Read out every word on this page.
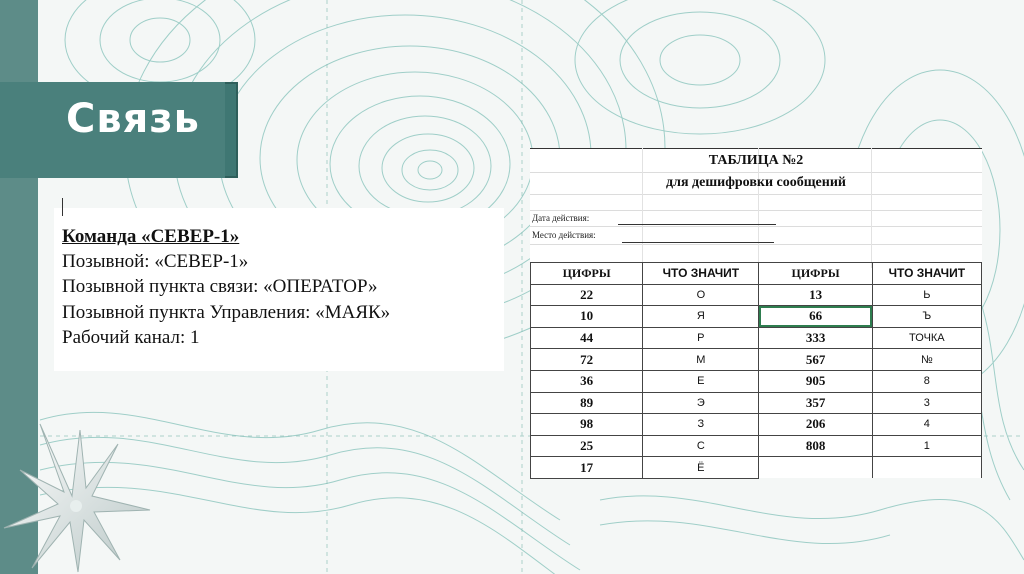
Связь
Команда «СЕВЕР-1»
Позывной: «СЕВЕР-1»
Позывной пункта связи: «ОПЕРАТОР»
Позывной пункта Управления: «МАЯК»
Рабочий канал: 1
ТАБЛИЦА №2
для дешифровки сообщений
Дата действия:
Место действия:
ЦИФРЫ	ЧТО ЗНАЧИТ	ЦИФРЫ	ЧТО ЗНАЧИТ
22	О	13	Ь
10	Я	66	Ъ
44	Р	333	ТОЧКА
72	М	567	№
36	Е	905	8
89	Э	357	3
98	З	206	4
25	С	808	1
17	Ё		
